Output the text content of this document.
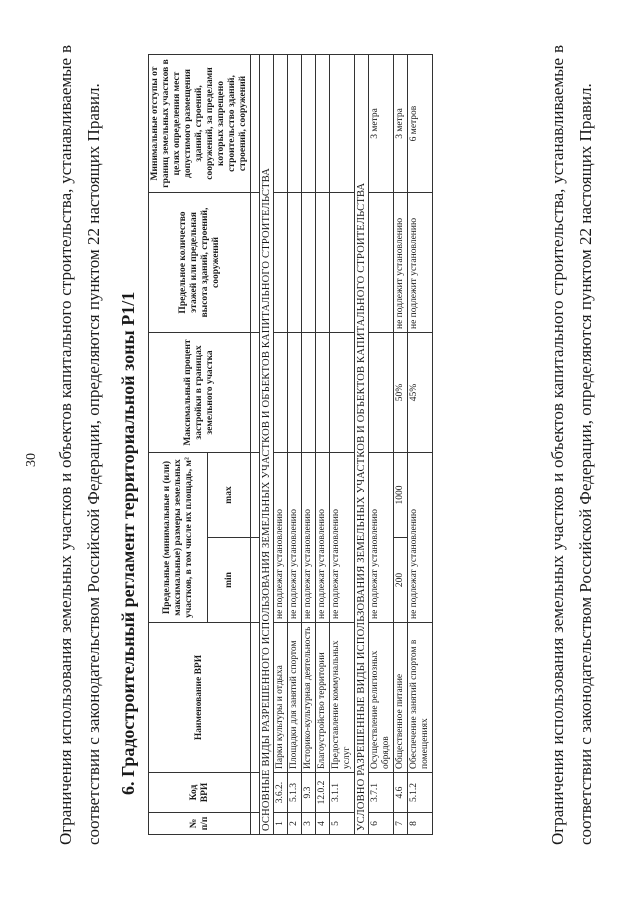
30 Ограничения использования земельных участков и объектов капитального строительства, устанавливаемые в соответствии с законодательством Российской Федерации, определяются пунктом 22 настоящих Правил. 6. Градостроительный регламент территориальной зоны Р1/1
№ п/п	Код ВРИ	Наименование ВРИ	Предельные (минимальные и (или) максимальные) размеры земельных участков, в том числе их площадь, м²		Максимальный процент застройки в границах земельного участка	Предельное количество этажей или предельная высота зданий, строений, сооружений	Минимальные отступы от границ земельных участков в целях определения мест допустимого размещения зданий, строений, сооружений, за пределами которых запрещено строительство зданий, строений, сооружений
			min	max			

ОСНОВНЫЕ ВИДЫ РАЗРЕШЕННОГО ИСПОЛЬЗОВАНИЯ ЗЕМЕЛЬНЫХ УЧАСТКОВ И ОБЪЕКТОВ КАПИТАЛЬНОГО СТРОИТЕЛЬСТВА							
1	3.6.2.	Парки культуры и отдыха	не подлежат установлению				
2	5.1.3	Площадки для занятий спортом	не подлежат установлению				
3	9.3	Историко-культурная деятельность	не подлежат установлению				
4	12.0.2	Благоустройство территории	не подлежат установлению				
5	3.1.1	Предоставление коммунальных услуг	не подлежат установлению				
УСЛОВНО РАЗРЕШЕННЫЕ ВИДЫ ИСПОЛЬЗОВАНИЯ ЗЕМЕЛЬНЫХ УЧАСТКОВ И ОБЪЕКТОВ КАПИТАЛЬНОГО СТРОИТЕЛЬСТВА							
6	3.7.1	Осуществление религиозных обрядов	не подлежат установлению				3 метра
7	4.6	Общественное питание	200	1000	50%	не подлежит установлению	3 метра
8	5.1.2	Обеспечение занятий спортом в помещениях	не подлежат установлению		45%	не подлежит установлению	6 метров	Ограничения использования земельных участков и объектов капитального строительства, устанавливаемые в соответствии с законодательством Российской Федерации, определяются пунктом 22 настоящих Правил.
